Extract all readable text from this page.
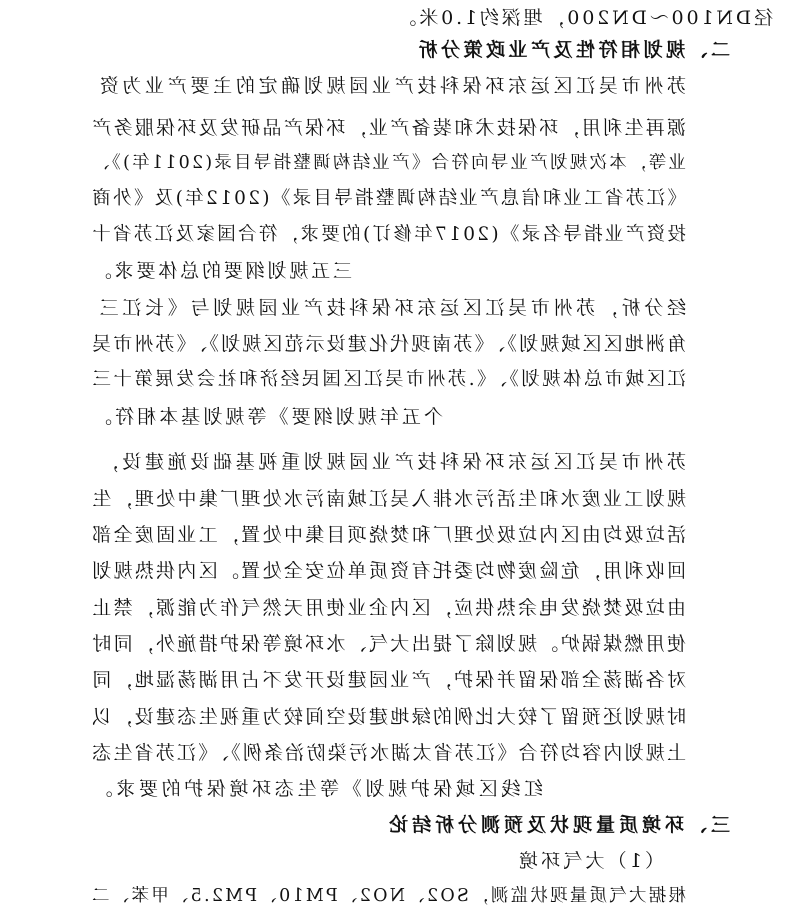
径DN100～DN200，埋深约1.0米。
二、规划相符性及产业政策分析
苏州市吴江区运东环保科技产业园规划确定的主要产业为资
源再生利用，环保技术和装备产业，环保产品研发及环保服务产
业等，本次规划产业导向符合《产业结构调整指导目录(2011年)》、
《江苏省工业和信息产业结构调整指导目录》(2012年)及《外商
投资产业指导名录》(2017年修订)的要求，符合国家及江苏省十
三五规划纲要的总体要求。
经分析，苏州市吴江区运东环保科技产业园规划与《长江三
角洲地区区域规划》、《苏南现代化建设示范区规划》、《苏州市吴
江区城市总体规划》、《.苏州市吴江区国民经济和社会发展第十三
个五年规划纲要》等规划基本相符。
苏州市吴江区运东环保科技产业园规划重视基础设施建设，
规划工业废水和生活污水排入吴江城南污水处理厂集中处理，生
活垃圾均由区内垃圾处理厂和焚烧项目集中处置，工业固废全部
回收利用，危险废物均委托有资质单位安全处置。区内供热规划
由垃圾焚烧发电余热供应，区内企业使用天然气作为能源，禁止
使用燃煤锅炉。规划除了提出大气、水环境等保护措施外，同时
对各湖荡全部保留并保护，产业园建设开发不占用湖荡湿地，同
时规划还预留了较大比例的绿地建设空间较为重视生态建设，以
上规划内容均符合《江苏省太湖水污染防治条例》、《江苏省生态
红线区域保护规划》等生态环境保护的要求。
三、环境质量现状及预测分析结论
（1）大气环境
根据大气质量现状监测，SO2、NO2、PM10、PM2.5、甲苯、二
